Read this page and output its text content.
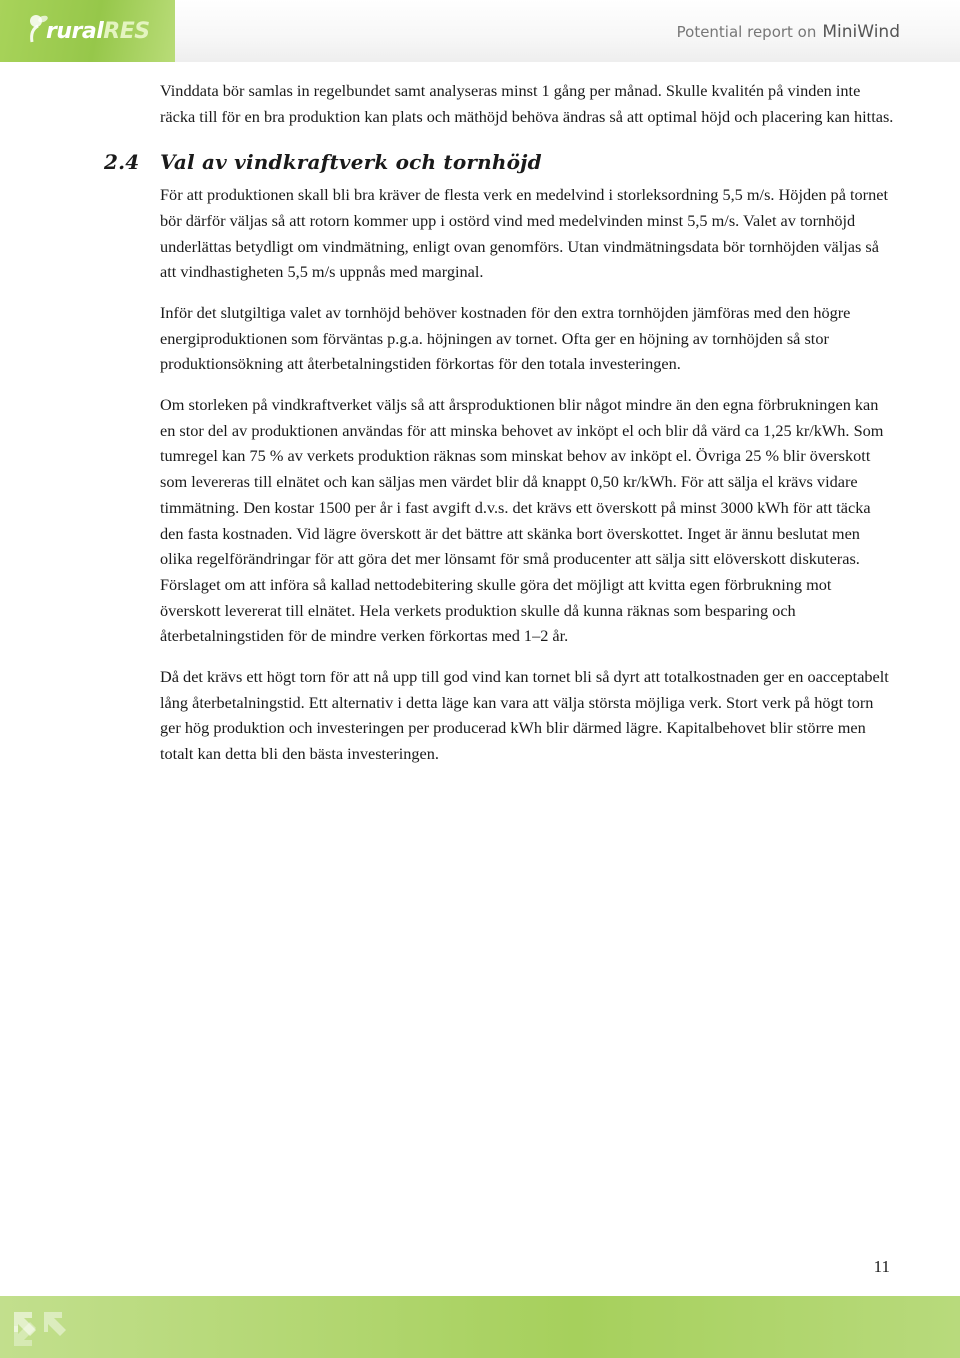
ruralRES	Potential report on MiniWind

Vinddata bör samlas in regelbundet samt analyseras minst 1 gång per månad. Skulle kvalitén på vinden inte räcka till för en bra produktion kan plats och mäthöjd behöva ändras så att optimal höjd och placering kan hittas.

2.4 Val av vindkraftverk och tornhöjd

För att produktionen skall bli bra kräver de flesta verk en medelvind i storleksordning 5,5 m/s. Höjden på tornet bör därför väljas så att rotorn kommer upp i ostörd vind med medelvinden minst 5,5 m/s. Valet av tornhöjd underlättas betydligt om vindmätning, enligt ovan genomförs. Utan vindmätningsdata bör tornhöjden väljas så att vindhastigheten 5,5 m/s uppnås med marginal.

Inför det slutgiltiga valet av tornhöjd behöver kostnaden för den extra tornhöjden jämföras med den högre energiproduktionen som förväntas p.g.a. höjningen av tornet. Ofta ger en höjning av tornhöjden så stor produktionsökning att återbetalningstiden förkortas för den totala investeringen.

Om storleken på vindkraftverket väljs så att årsproduktionen blir något mindre än den egna förbrukningen kan en stor del av produktionen användas för att minska behovet av inköpt el och blir då värd ca 1,25 kr/kWh. Som tumregel kan 75 % av verkets produktion räknas som minskat behov av inköpt el. Övriga 25 % blir överskott som levereras till elnätet och kan säljas men värdet blir då knappt 0,50 kr/kWh. För att sälja el krävs vidare timmätning. Den kostar 1500 per år i fast avgift d.v.s. det krävs ett överskott på minst 3000 kWh för att täcka den fasta kostnaden. Vid lägre överskott är det bättre att skänka bort överskottet. Inget är ännu beslutat men olika regelförändringar för att göra det mer lönsamt för små producenter att sälja sitt elöverskott diskuteras. Förslaget om att införa så kallad nettodebitering skulle göra det möjligt att kvitta egen förbrukning mot överskott levererat till elnätet. Hela verkets produktion skulle då kunna räknas som besparing och återbetalningstiden för de mindre verken förkortas med 1–2 år.

Då det krävs ett högt torn för att nå upp till god vind kan tornet bli så dyrt att totalkostnaden ger en oacceptabelt lång återbetalningstid. Ett alternativ i detta läge kan vara att välja största möjliga verk. Stort verk på högt torn ger hög produktion och investeringen per producerad kWh blir därmed lägre. Kapitalbehovet blir större men totalt kan detta bli den bästa investeringen.

11
